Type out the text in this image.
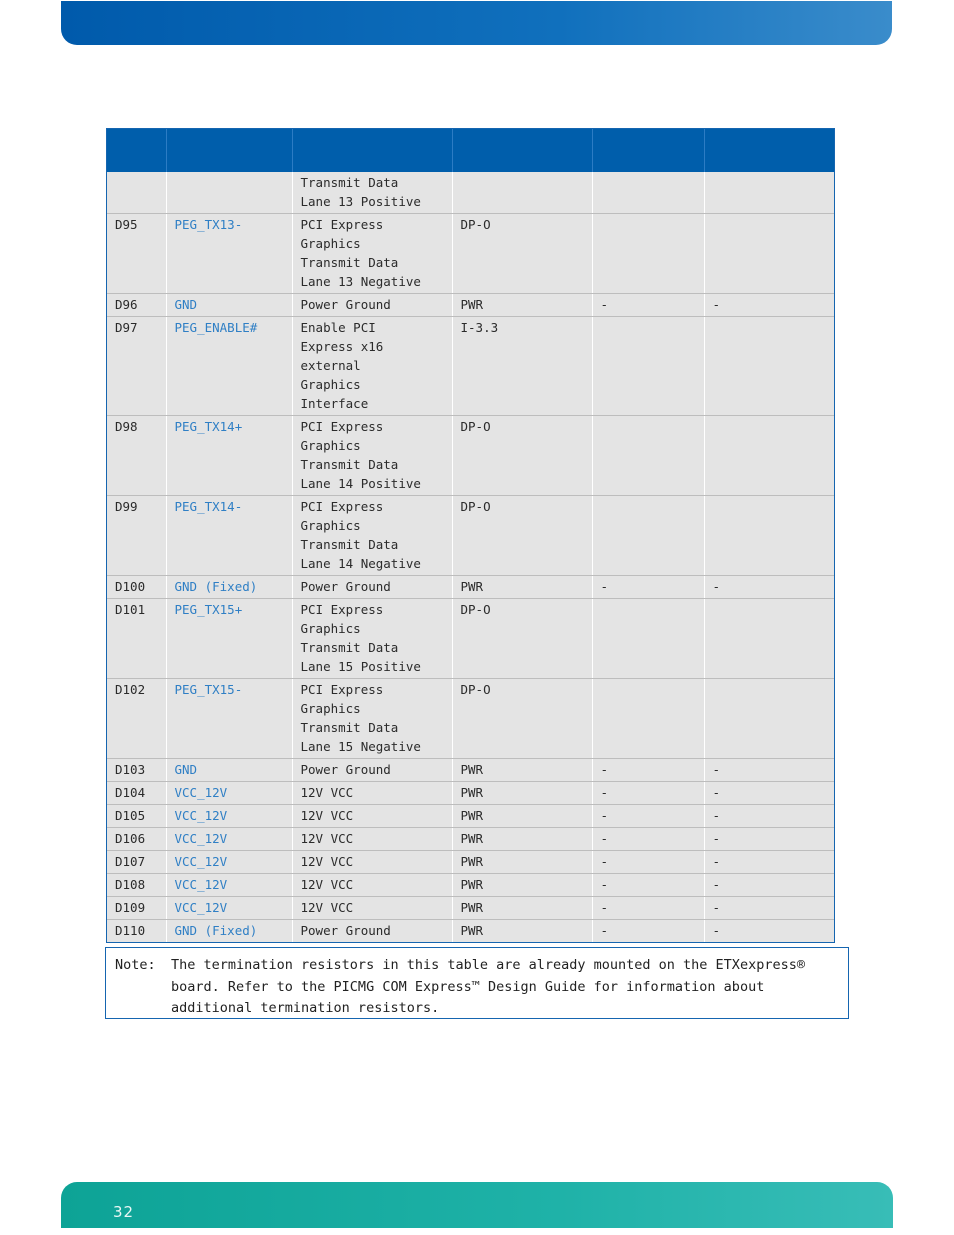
		Transmit Data
Lane 13 Positive			
D95	PEG_TX13-	PCI Express
Graphics
Transmit Data
Lane 13 Negative	DP-O		
D96	GND	Power Ground	PWR	-	-
D97	PEG_ENABLE#	Enable PCI
Express x16
external
Graphics
Interface	I-3.3		
D98	PEG_TX14+	PCI Express
Graphics
Transmit Data
Lane 14 Positive	DP-O		
D99	PEG_TX14-	PCI Express
Graphics
Transmit Data
Lane 14 Negative	DP-O		
D100	GND (Fixed)	Power Ground	PWR	-	-
D101	PEG_TX15+	PCI Express
Graphics
Transmit Data
Lane 15 Positive	DP-O		
D102	PEG_TX15-	PCI Express
Graphics
Transmit Data
Lane 15 Negative	DP-O		
D103	GND	Power Ground	PWR	-	-
D104	VCC_12V	12V VCC	PWR	-	-
D105	VCC_12V	12V VCC	PWR	-	-
D106	VCC_12V	12V VCC	PWR	-	-
D107	VCC_12V	12V VCC	PWR	-	-
D108	VCC_12V	12V VCC	PWR	-	-
D109	VCC_12V	12V VCC	PWR	-	-
D110	GND (Fixed)	Power Ground	PWR	-	-
Note: The termination resistors in this table are already mounted on the ETXexpress® board. Refer to the PICMG COM Express™ Design Guide for information about additional termination resistors.
32
